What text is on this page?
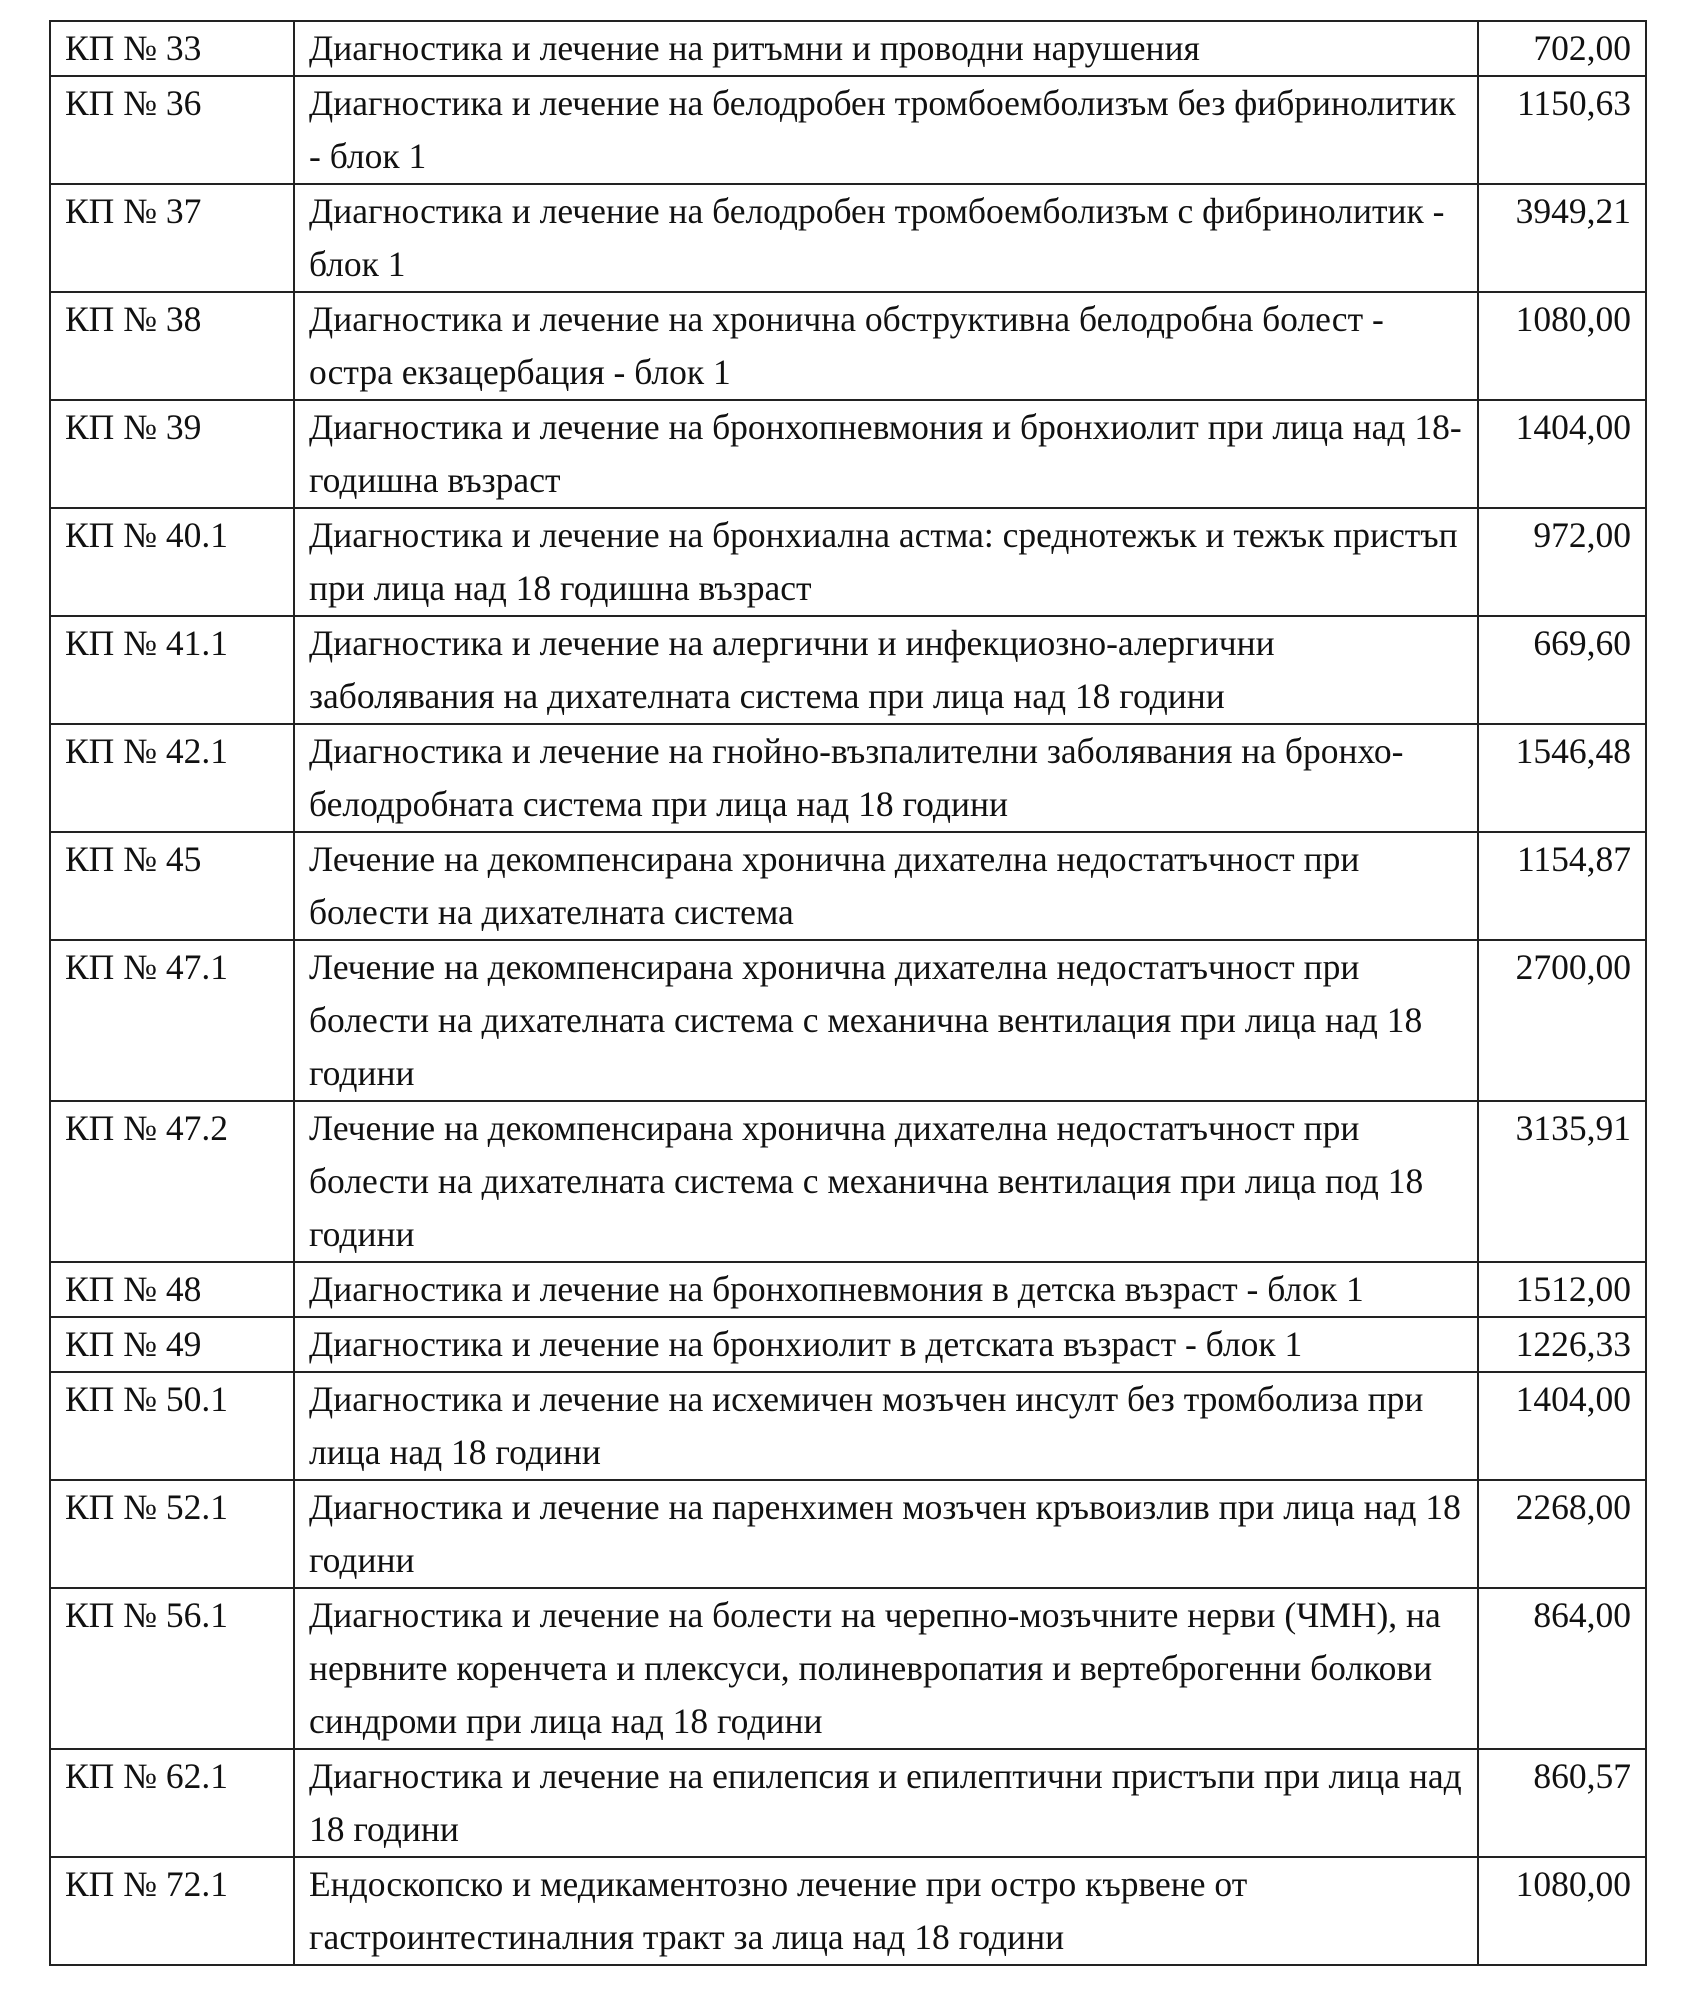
КП № 33	Диагностика и лечение на ритъмни и проводни нарушения	702,00
КП № 36	Диагностика и лечение на белодробен тромбоемболизъм без фибринолитик - блок 1	1150,63
КП № 37	Диагностика и лечение на белодробен тромбоемболизъм с фибринолитик - блок 1	3949,21
КП № 38	Диагностика и лечение на хронична обструктивна белодробна болест - остра екзацербация - блок 1	1080,00
КП № 39	Диагностика и лечение на бронхопневмония и бронхиолит при лица над 18-годишна възраст	1404,00
КП № 40.1	Диагностика и лечение на бронхиална астма: среднотежък и тежък пристъп при лица над 18 годишна възраст	972,00
КП № 41.1	Диагностика и лечение на алергични и инфекциозно-алергични заболявания на дихателната система при лица над 18 години	669,60
КП № 42.1	Диагностика и лечение на гнойно-възпалителни заболявания на бронхо-белодробната система при лица над 18 години	1546,48
КП № 45	Лечение на декомпенсирана хронична дихателна недостатъчност при болести на дихателната система	1154,87
КП № 47.1	Лечение на декомпенсирана хронична дихателна недостатъчност при болести на дихателната система с механична вентилация при лица над 18 години	2700,00
КП № 47.2	Лечение на декомпенсирана хронична дихателна недостатъчност при болести на дихателната система с механична вентилация при лица под 18 години	3135,91
КП № 48	Диагностика и лечение на бронхопневмония в детска възраст - блок 1	1512,00
КП № 49	Диагностика и лечение на бронхиолит в детската възраст - блок 1	1226,33
КП № 50.1	Диагностика и лечение на исхемичен мозъчен инсулт без тромболиза при лица над 18 години	1404,00
КП № 52.1	Диагностика и лечение на паренхимен мозъчен кръвоизлив при лица над 18 години	2268,00
КП № 56.1	Диагностика и лечение на болести на черепно-мозъчните нерви (ЧМН), на нервните коренчета и плексуси, полиневропатия и вертеброгенни болкови синдроми при лица над 18 години	864,00
КП № 62.1	Диагностика и лечение на епилепсия и епилептични пристъпи при лица над 18 години	860,57
КП № 72.1	Ендоскопско и медикаментозно лечение при остро кървене от гастроинтестиналния тракт за лица над 18 години	1080,00
